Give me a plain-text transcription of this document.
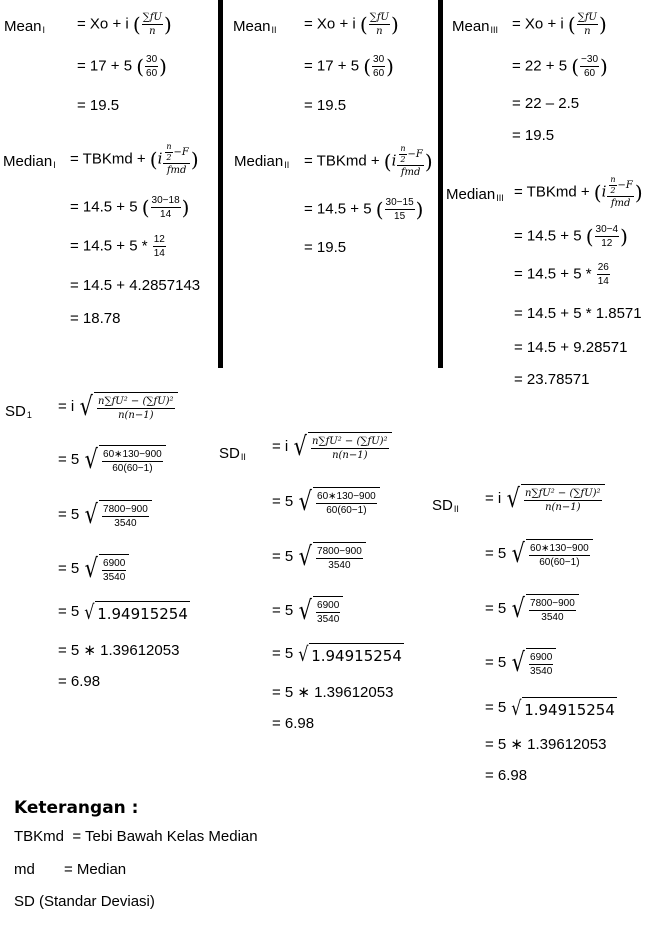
Mean$_I$ = Xo + i ( $\frac{\sum fU}{n}$ )
= 17 + 5 ( $\frac{30}{60}$ )
= 19.5
Mean$_{II}$ = Xo + i ( $\frac{\sum fU}{n}$ )
= 17 + 5 ( $\frac{30}{60}$ )
= 19.5
Mean$_{III}$ = Xo + i ( $\frac{\sum fU}{n}$ )
= 22 + 5 ( $\frac{-30}{60}$ )
= 22 – 2.5
= 19.5
Median$_I$ = TBKmd + ($i \frac{\frac{n}{2} -F}{\text{fmd}}$ )
= 14.5 + 5 ( $\frac{30-18}{14}$ )
= $14.5 + 5 * \frac{12}{14}$
= 14.5 + 4.2857143
= 18.78
Median$_{II}$ = TBKmd + ($i \frac{\frac{n}{2} -F}{\text{fmd}}$ )
= 14.5 + 5 ( $\frac{30-15}{15}$ )
= 19.5
Median$_{III}$ = TBKmd + ($i \frac{\frac{n}{2} -F}{\text{fmd}}$ )
= 14.5 + 5 ( $\frac{30-4}{12}$ )
= $14.5 + 5 * \frac{26}{14}$
= 14.5 + 5 * 1.8571
= 14.5 + 9.28571
= 23.78571
$SD_1$
= i √ $\frac{\text{n∑fU² − (∑fU)²}}{n(n-1)}$
= 5 √ $\frac{60∗130-900}{60(60-1)}$
= 5 √ $\frac{7800-900}{3540}$
= 5 √ $\frac{6900}{3540}$
= 5 √ 1.94915254
= 5 ∗ 1.39612053
= 6.98
$SD_{II}$
= i √ $\frac{\text{n∑fU² − (∑fU)²}}{n(n-1)}$
= 5 √ $\frac{60∗130-900}{60(60-1)}$
= 5 √ $\frac{7800-900}{3540}$
= 5 √ $\frac{6900}{3540}$
= 5 √ 1.94915254
= 5 ∗ 1.39612053
= 6.98
$SD_{II}$
= i √ $\frac{\text{n∑fU² − (∑fU)²}}{n(n-1)}$
= 5 √ $\frac{60∗130-900}{60(60-1)}$
= 5 √ $\frac{7800-900}{3540}$
= 5 √ $\frac{6900}{3540}$
= 5 √ 1.94915254
= 5 ∗ 1.39612053
= 6.98
Keterangan :
TBKmd  = Tebi Bawah Kelas Median
md       = Median
SD (Standar Deviasi)
